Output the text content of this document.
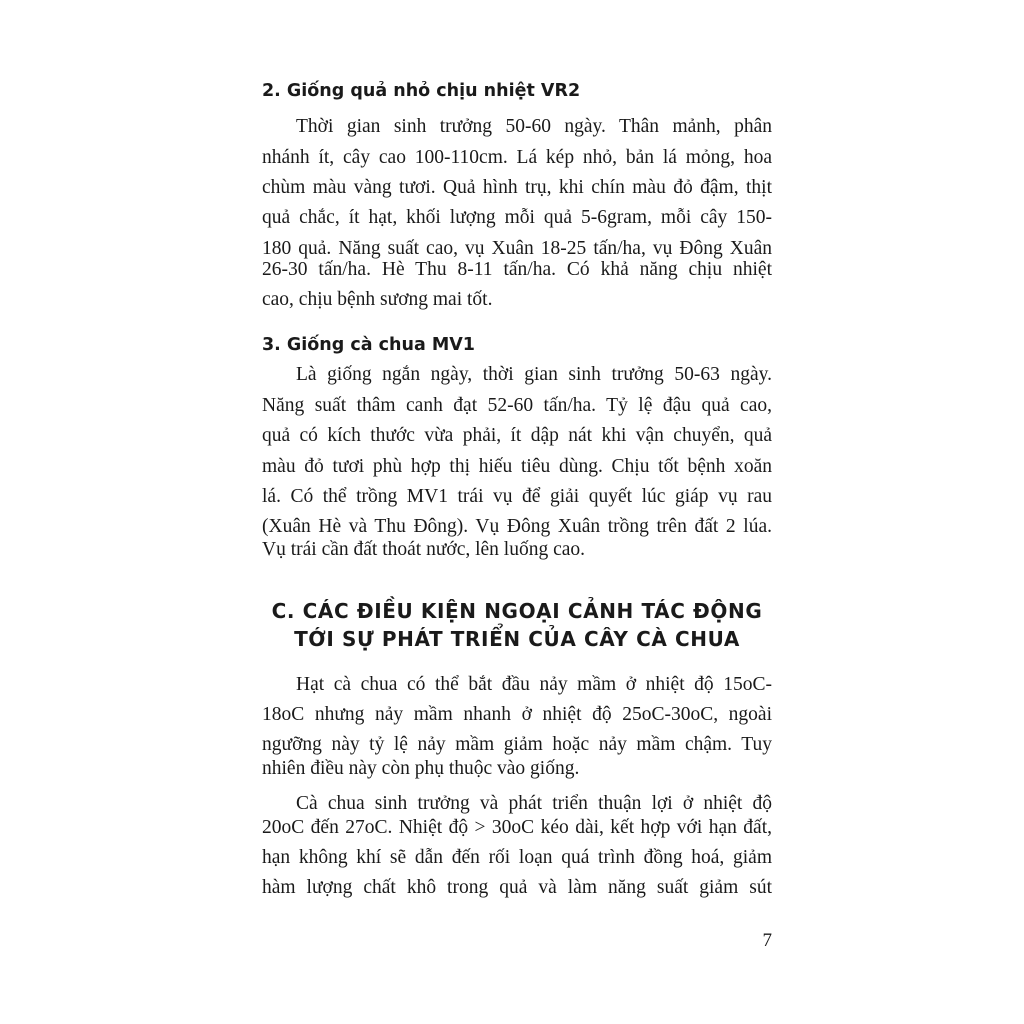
2. Giống quả nhỏ chịu nhiệt VR2

Thời gian sinh trưởng 50-60 ngày. Thân mảnh, phân

nhánh ít, cây cao 100-110cm. Lá kép nhỏ, bản lá mỏng, hoa

chùm màu vàng tươi. Quả hình trụ, khi chín màu đỏ đậm, thịt

quả chắc, ít hạt, khối lượng mỗi quả 5-6gram, mỗi cây 150-

180 quả. Năng suất cao, vụ Xuân 18-25 tấn/ha, vụ Đông Xuân

26-30 tấn/ha. Hè Thu 8-11 tấn/ha. Có khả năng chịu nhiệt

cao, chịu bệnh sương mai tốt.

3. Giống cà chua MV1

Là giống ngắn ngày, thời gian sinh trưởng 50-63 ngày.

Năng suất thâm canh đạt 52-60 tấn/ha. Tỷ lệ đậu quả cao,

quả có kích thước vừa phải, ít dập nát khi vận chuyển, quả

màu đỏ tươi phù hợp thị hiếu tiêu dùng. Chịu tốt bệnh xoăn

lá. Có thể trồng MV1 trái vụ để giải quyết lúc giáp vụ rau

(Xuân Hè và Thu Đông). Vụ Đông Xuân trồng trên đất 2 lúa.

Vụ trái cần đất thoát nước, lên luống cao.

C. CÁC ĐIỀU KIỆN NGOẠI CẢNH TÁC ĐỘNG
TỚI SỰ PHÁT TRIỂN CỦA CÂY CÀ CHUA

Hạt cà chua có thể bắt đầu nảy mầm ở nhiệt độ 15oC-

18oC nhưng nảy mầm nhanh ở nhiệt độ 25oC-30oC, ngoài

ngưỡng này tỷ lệ nảy mầm giảm hoặc nảy mầm chậm. Tuy

nhiên điều này còn phụ thuộc vào giống.

Cà chua sinh trưởng và phát triển thuận lợi ở nhiệt độ

20oC đến 27oC. Nhiệt độ > 30oC kéo dài, kết hợp với hạn đất,

hạn không khí sẽ dẫn đến rối loạn quá trình đồng hoá, giảm

hàm lượng chất khô trong quả và làm năng suất giảm sút

7
